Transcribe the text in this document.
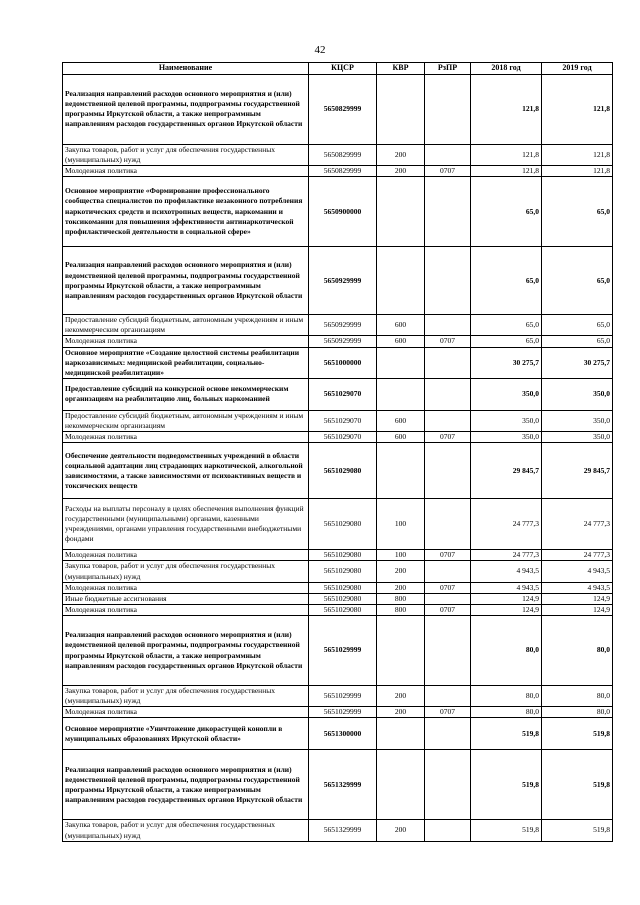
42
Наименование	КЦСР	КВР	РзПР	2018 год	2019 год
Реализация направлений расходов основного мероприятия и (или) ведомственной целевой программы, подпрограммы государственной программы Иркутской области, а также непрограммным направлениям расходов государственных органов Иркутской области	5650829999			121,8	121,8
Закупка товаров, работ и услуг для обеспечения государственных (муниципальных) нужд	5650829999	200		121,8	121,8
Молодежная политика	5650829999	200	0707	121,8	121,8
Основное мероприятие «Формирование профессионального сообщества специалистов по профилактике незаконного потребления наркотических средств и психотропных веществ, наркомании и токсикомании для повышения эффективности антинаркотической профилактической деятельности в социальной сфере»	5650900000			65,0	65,0
Реализация направлений расходов основного мероприятия и (или) ведомственной целевой программы, подпрограммы государственной программы Иркутской области, а также непрограммным направлениям расходов государственных органов Иркутской области	5650929999			65,0	65,0
Предоставление субсидий бюджетным, автономным учреждениям и иным некоммерческим организациям	5650929999	600		65,0	65,0
Молодежная политика	5650929999	600	0707	65,0	65,0
Основное мероприятие «Создание целостной системы реабилитации наркозависимых: медицинской реабилитации, социально-медицинской реабилитации»	5651000000			30 275,7	30 275,7
Предоставление субсидий на конкурсной основе некоммерческим организациям на реабилитацию лиц, больных наркоманией	5651029070			350,0	350,0
Предоставление субсидий бюджетным, автономным учреждениям и иным некоммерческим организациям	5651029070	600		350,0	350,0
Молодежная политика	5651029070	600	0707	350,0	350,0
Обеспечение деятельности подведомственных учреждений в области социальной адаптации лиц страдающих наркотической, алкогольной зависимостями, а также зависимостями от психоактивных веществ и токсических веществ	5651029080			29 845,7	29 845,7
Расходы на выплаты персоналу в целях обеспечения выполнения функций государственными (муниципальными) органами, казенными учреждениями, органами управления государственными внебюджетными фондами	5651029080	100		24 777,3	24 777,3
Молодежная политика	5651029080	100	0707	24 777,3	24 777,3
Закупка товаров, работ и услуг для обеспечения государственных (муниципальных) нужд	5651029080	200		4 943,5	4 943,5
Молодежная политика	5651029080	200	0707	4 943,5	4 943,5
Иные бюджетные ассигнования	5651029080	800		124,9	124,9
Молодежная политика	5651029080	800	0707	124,9	124,9
Реализация направлений расходов основного мероприятия и (или) ведомственной целевой программы, подпрограммы государственной программы Иркутской области, а также непрограммным направлениям расходов государственных органов Иркутской области	5651029999			80,0	80,0
Закупка товаров, работ и услуг для обеспечения государственных (муниципальных) нужд	5651029999	200		80,0	80,0
Молодежная политика	5651029999	200	0707	80,0	80,0
Основное мероприятие «Уничтожение дикорастущей конопли в муниципальных образованиях Иркутской области»	5651300000			519,8	519,8
Реализация направлений расходов основного мероприятия и (или) ведомственной целевой программы, подпрограммы государственной программы Иркутской области, а также непрограммным направлениям расходов государственных органов Иркутской области	5651329999			519,8	519,8
Закупка товаров, работ и услуг для обеспечения государственных (муниципальных) нужд	5651329999	200		519,8	519,8
